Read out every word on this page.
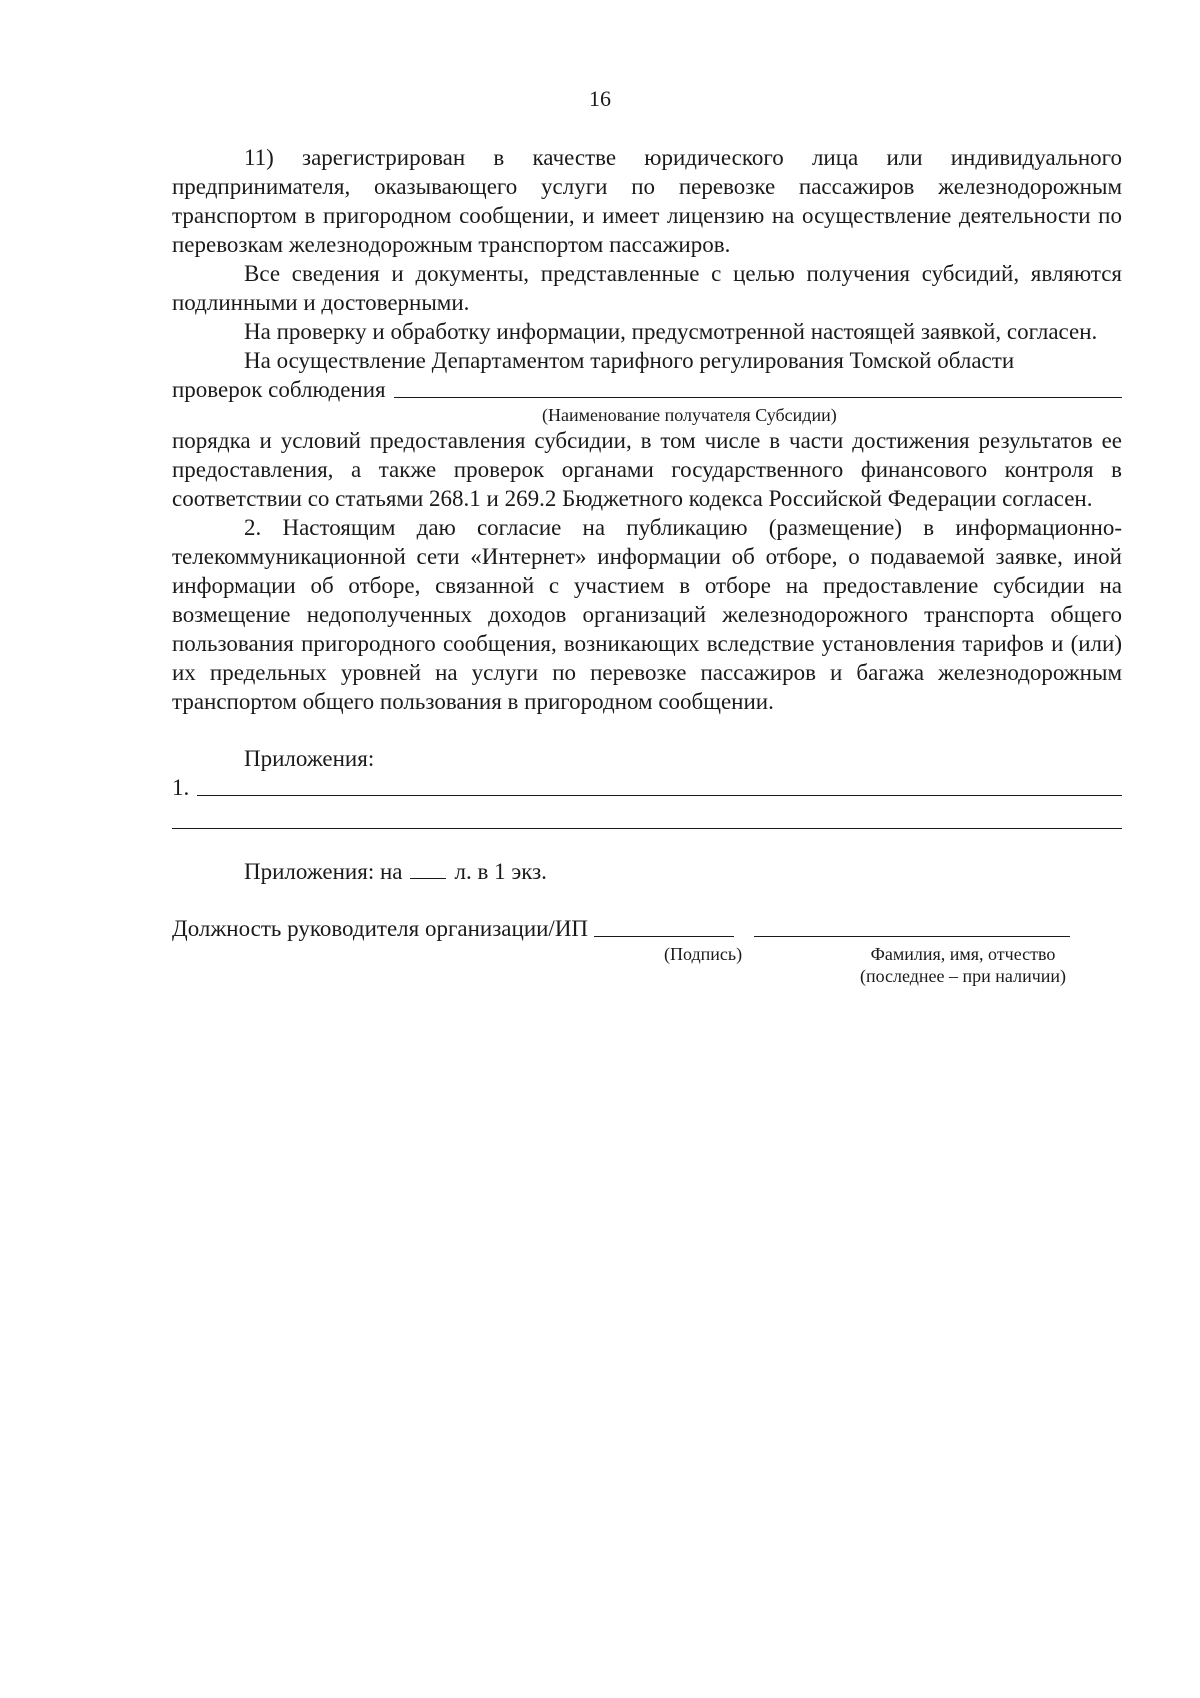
16

11) зарегистрирован в качестве юридического лица или индивидуального предпринимателя, оказывающего услуги по перевозке пассажиров железнодорожным транспортом в пригородном сообщении, и имеет лицензию на осуществление деятельности по перевозкам железнодорожным транспортом пассажиров.

Все сведения и документы, представленные с целью получения субсидий, являются подлинными и достоверными.

На проверку и обработку информации, предусмотренной настоящей заявкой, согласен.

На осуществление Департаментом тарифного регулирования Томской области

проверок соблюдения
(Наименование получателя Субсидии)

порядка и условий предоставления субсидии, в том числе в части достижения результатов ее предоставления, а также проверок органами государственного финансового контроля в соответствии со статьями 268.1 и 269.2 Бюджетного кодекса Российской Федерации согласен.

2. Настоящим даю согласие на публикацию (размещение) в информационно-телекоммуникационной сети «Интернет» информации об отборе, о подаваемой заявке, иной информации об отборе, связанной с участием в отборе на предоставление субсидии на возмещение недополученных доходов организаций железнодорожного транспорта общего пользования пригородного сообщения, возникающих вследствие установления тарифов и (или) их предельных уровней на услуги по перевозке пассажиров и багажа железнодорожным транспортом общего пользования в пригородном сообщении.

Приложения:

1.

Приложения: на л. в 1 экз.

Должность руководителя организации/ИП
(Подпись)	Фамилия, имя, отчество
(последнее – при наличии)
